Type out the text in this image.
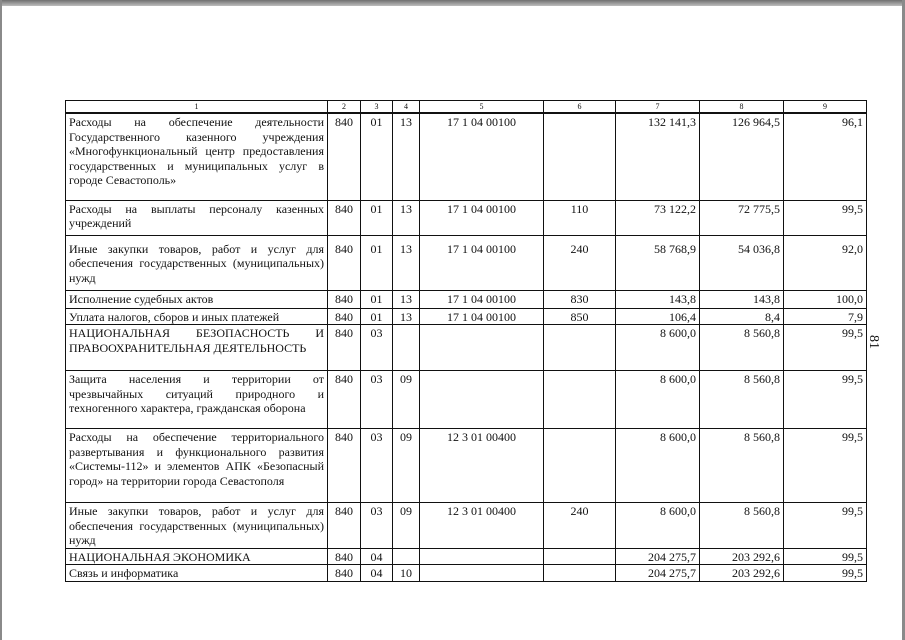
81
1	2	3	4	5	6	7	8	9
Расходы на обеспечение деятельности Государственного казенного учреждения «Многофункциональный центр предоставления государственных и муниципальных услуг в городе Севастополь»	840	01	13	17 1 04 00100		132 141,3	126 964,5	96,1
Расходы на выплаты персоналу казенных учреждений	840	01	13	17 1 04 00100	110	73 122,2	72 775,5	99,5
Иные закупки товаров, работ и услуг для обеспечения государственных (муниципальных) нужд	840	01	13	17 1 04 00100	240	58 768,9	54 036,8	92,0
Исполнение судебных актов	840	01	13	17 1 04 00100	830	143,8	143,8	100,0
Уплата налогов, сборов и иных платежей	840	01	13	17 1 04 00100	850	106,4	8,4	7,9
НАЦИОНАЛЬНАЯ БЕЗОПАСНОСТЬ И ПРАВООХРАНИТЕЛЬНАЯ ДЕЯТЕЛЬНОСТЬ	840	03				8 600,0	8 560,8	99,5
Защита населения и территории от чрезвычайных ситуаций природного и техногенного характера, гражданская оборона	840	03	09			8 600,0	8 560,8	99,5
Расходы на обеспечение территориального развертывания и функционального развития «Системы-112» и элементов АПК «Безопасный город» на территории города Севастополя	840	03	09	12 3 01 00400		8 600,0	8 560,8	99,5
Иные закупки товаров, работ и услуг для обеспечения государственных (муниципальных) нужд	840	03	09	12 3 01 00400	240	8 600,0	8 560,8	99,5
НАЦИОНАЛЬНАЯ ЭКОНОМИКА	840	04				204 275,7	203 292,6	99,5
Связь и информатика	840	04	10			204 275,7	203 292,6	99,5
